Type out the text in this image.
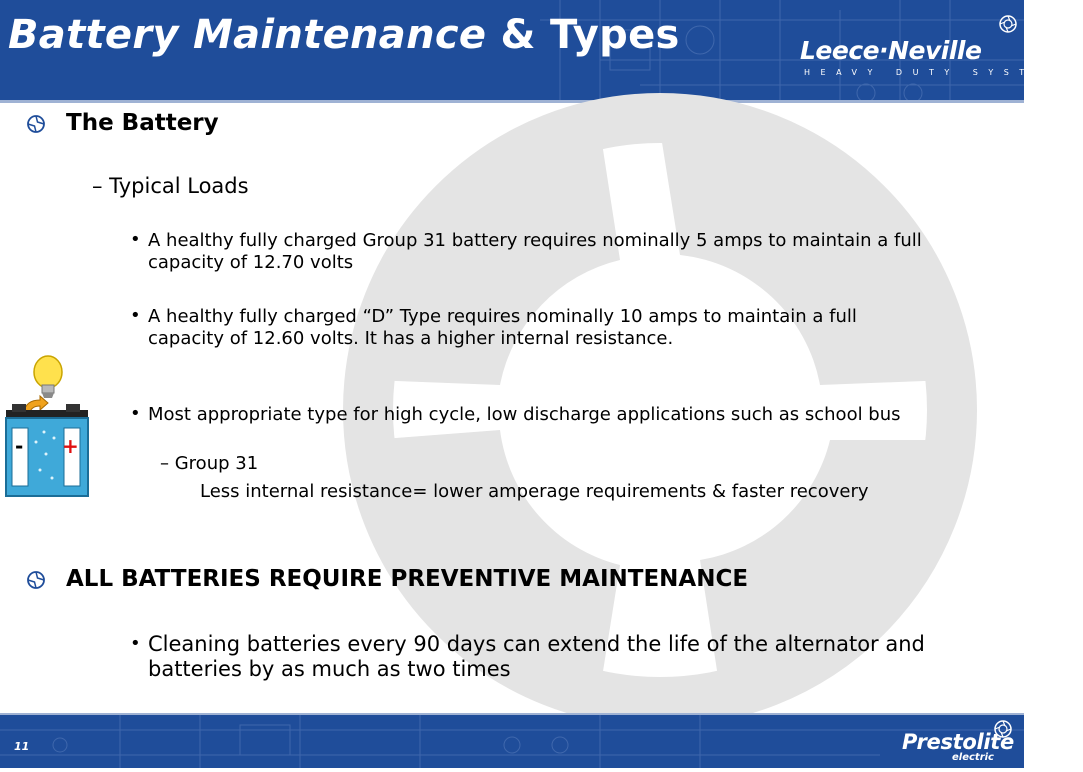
Battery Maintenance & Types	Leece·Neville
HEAVY DUTY SYSTEMS
The Battery
– Typical Loads
• A healthy fully charged Group 31 battery requires nominally 5 amps to maintain a full capacity of 12.70 volts
• A healthy fully charged “D” Type requires nominally 10 amps to maintain a full capacity of 12.60 volts. It has a higher internal resistance.
• Most appropriate type for high cycle, low discharge applications such as school bus
– Group 31
Less internal resistance= lower amperage requirements & faster recovery
ALL BATTERIES REQUIRE PREVENTIVE MAINTENANCE
• Cleaning batteries every 90 days can extend the life of the alternator and batteries by as much as two times
- +
11	Prestolite
electric
